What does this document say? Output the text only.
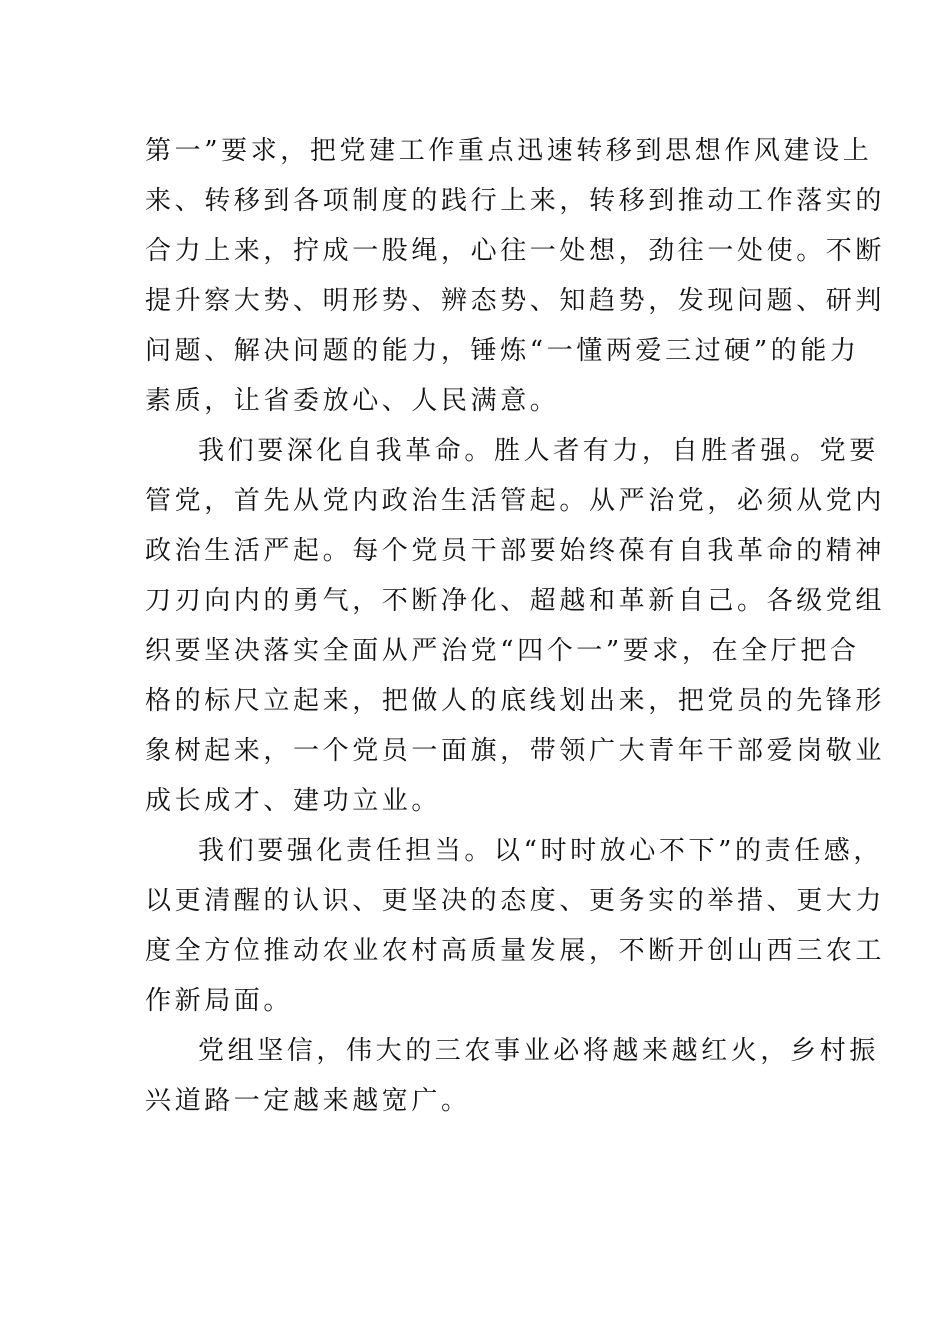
第一”要求，把党建工作重点迅速转移到思想作风建设上
来、转移到各项制度的践行上来，转移到推动工作落实的
合力上来，拧成一股绳，心往一处想，劲往一处使。不断
提升察大势、明形势、辨态势、知趋势，发现问题、研判
问题、解决问题的能力，锤炼“一懂两爱三过硬”的能力
素质，让省委放心、人民满意。
我们要深化自我革命。胜人者有力，自胜者强。党要
管党，首先从党内政治生活管起。从严治党，必须从党内
政治生活严起。每个党员干部要始终葆有自我革命的精神
刀刃向内的勇气，不断净化、超越和革新自己。各级党组
织要坚决落实全面从严治党“四个一”要求，在全厅把合
格的标尺立起来，把做人的底线划出来，把党员的先锋形
象树起来，一个党员一面旗，带领广大青年干部爱岗敬业
成长成才、建功立业。
我们要强化责任担当。以“时时放心不下”的责任感，
以更清醒的认识、更坚决的态度、更务实的举措、更大力
度全方位推动农业农村高质量发展，不断开创山西三农工
作新局面。
党组坚信，伟大的三农事业必将越来越红火，乡村振
兴道路一定越来越宽广。
